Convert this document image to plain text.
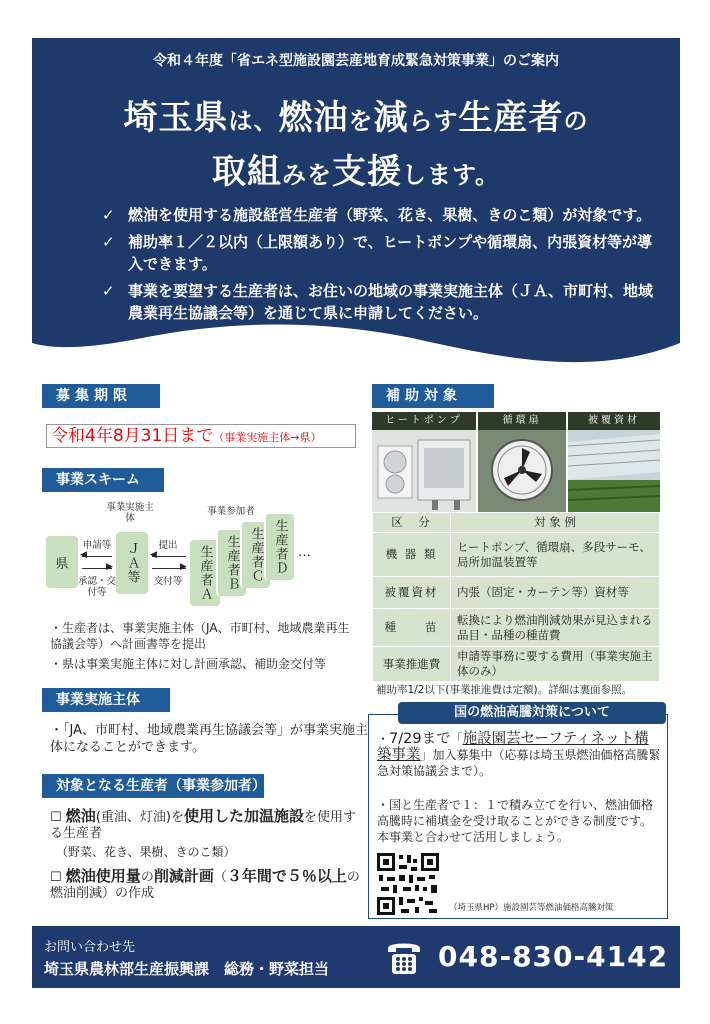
令和４年度「省エネ型施設園芸産地育成緊急対策事業」のご案内
埼玉県は、燃油を減らす生産者の
取組みを支援します。
✓ 燃油を使用する施設経営生産者（野菜、花き、果樹、きのこ類）が対象です。
✓ 補助率１／２以内（上限額あり）で、ヒートポンプや循環扇、内張資材等が導入できます。
✓ 事業を要望する生産者は、お住いの地域の事業実施主体（ＪＡ、市町村、地域農業再生協議会等）を通じて県に申請してください。
募集期限
令和4年8月31日まで（事業実施主体→県）
事業スキーム
事業実施主体
事業参加者
県	ＪＡ等	生産者Ａ 生産者Ｂ 生産者Ｃ 生産者Ｄ …
申請等
◀
▶
承認・交付等
提出
◀
▶
交付等
・生産者は、事業実施主体（JA、市町村、地域農業再生協議会等）へ計画書等を提出
・県は事業実施主体に対し計画承認、補助金交付等
事業実施主体
・「JA、市町村、地域農業再生協議会等」が事業実施主体になることができます。
対象となる生産者（事業参加者）
☐ 燃油(重油、灯油)を使用した加温施設を使用する生産者
（野菜、花き、果樹、きのこ類）
☐ 燃油使用量の削減計画（３年間で５％以上の燃油削減）の作成
補助対象
ヒートポンプ	循環扇	被覆資材
区　分	対 象 例
機 器 類	ヒートポンプ、循環扇、多段サーモ、局所加温装置等
被覆資材	内張（固定・カーテン等）資材等
種　　苗	転換により燃油削減効果が見込まれる品目・品種の種苗費
事業推進費	申請等事務に要する費用（事業実施主体のみ）
補助率1/2以下(事業推進費は定額)。詳細は裏面参照。
・7/29まで「施設園芸セーフティネット構築事業」加入募集中（応募は埼玉県燃油価格高騰緊急対策協議会まで）。
・国と生産者で１：１で積み立てを行い、燃油価格高騰時に補填金を受け取ることができる制度です。本事業と合わせて活用しましょう。
（埼玉県HP）施設園芸等燃油価格高騰対策
国の燃油高騰対策について
お問い合わせ先
埼玉県農林部生産振興課　総務・野菜担当	048-830-4142
